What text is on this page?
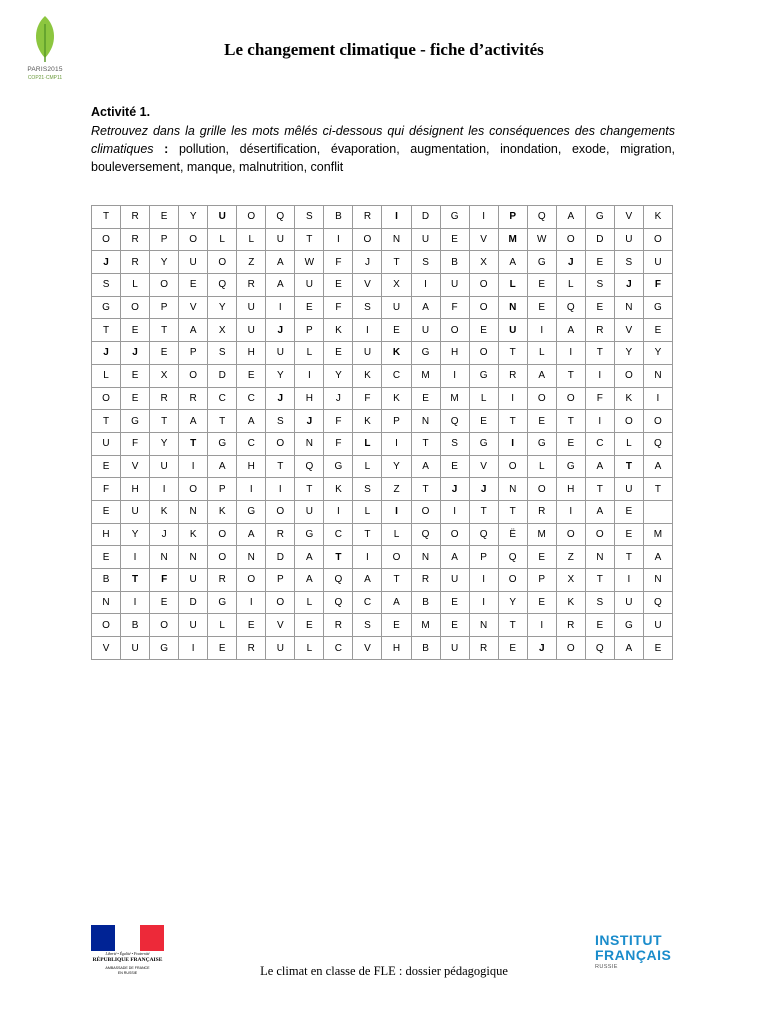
PARIS2015
COP21·CMP11
Le changement climatique - fiche d’activités
Activité 1.
Retrouvez dans la grille les mots mêlés ci-dessous qui désignent les conséquences des changements climatiques : pollution, désertification, évaporation, augmentation, inondation, exode, migration, bouleversement, manque, malnutrition, conflit
T	R	E	Y	U	O	Q	S	B	R	I	D	G	I	P	Q	A	G	V	K
O	R	P	O	L	L	U	T	I	O	N	U	E	V	M	W	O	D	U	O
J	R	Y	U	O	Z	A	W	F	J	T	S	B	X	A	G	J	E	S	U
S	L	O	E	Q	R	A	U	E	V	X	I	U	O	L	E	L	S	J	F
G	O	P	V	Y	U	I	E	F	S	U	A	F	O	N	E	Q	E	N	G
T	E	T	A	X	U	J	P	K	I	E	U	O	E	U	I	A	R	V	E
J	J	E	P	S	H	U	L	E	U	K	G	H	O	T	L	I	T	Y	Y
L	E	X	O	D	E	Y	I	Y	K	C	M	I	G	R	A	T	I	O	N
O	E	R	R	C	C	J	H	J	F	K	E	M	L	I	O	O	F	K	I
T	G	T	A	T	A	S	J	F	K	P	N	Q	E	T	E	T	I	O	O
U	F	Y	T	G	C	O	N	F	L	I	T	S	G	I	G	E	C	L	Q
E	V	U	I	A	H	T	Q	G	L	Y	A	E	V	O	L	G	A	T	A
F	H	I	O	P	I	I	T	K	S	Z	T	J	J	N	O	H	T	U	T
E	U	K	N	K	G	O	U	I	L	I	O	I	T	T	R	I	A	E	
H	Y	J	K	O	A	R	G	C	T	L	Q	O	Q	Ë	M	O	O	E	M
E	I	N	N	O	N	D	A	T	I	O	N	A	P	Q	E	Z	N	T	A
B	T	F	U	R	O	P	A	Q	A	T	R	U	I	O	P	X	T	I	N
N	I	E	D	G	I	O	L	Q	C	A	B	E	I	Y	E	K	S	U	Q
O	B	O	U	L	E	V	E	R	S	E	M	E	N	T	I	R	E	G	U
V	U	G	I	E	R	U	L	C	V	H	B	U	R	E	J	O	Q	A	E
Liberté • Égalité • Fraternité
RÉPUBLIQUE FRANÇAISE
AMBASSADE DE FRANCE
EN RUSSIE	Le climat en classe de FLE : dossier pédagogique
INSTITUT
FRANÇAIS
RUSSIE
